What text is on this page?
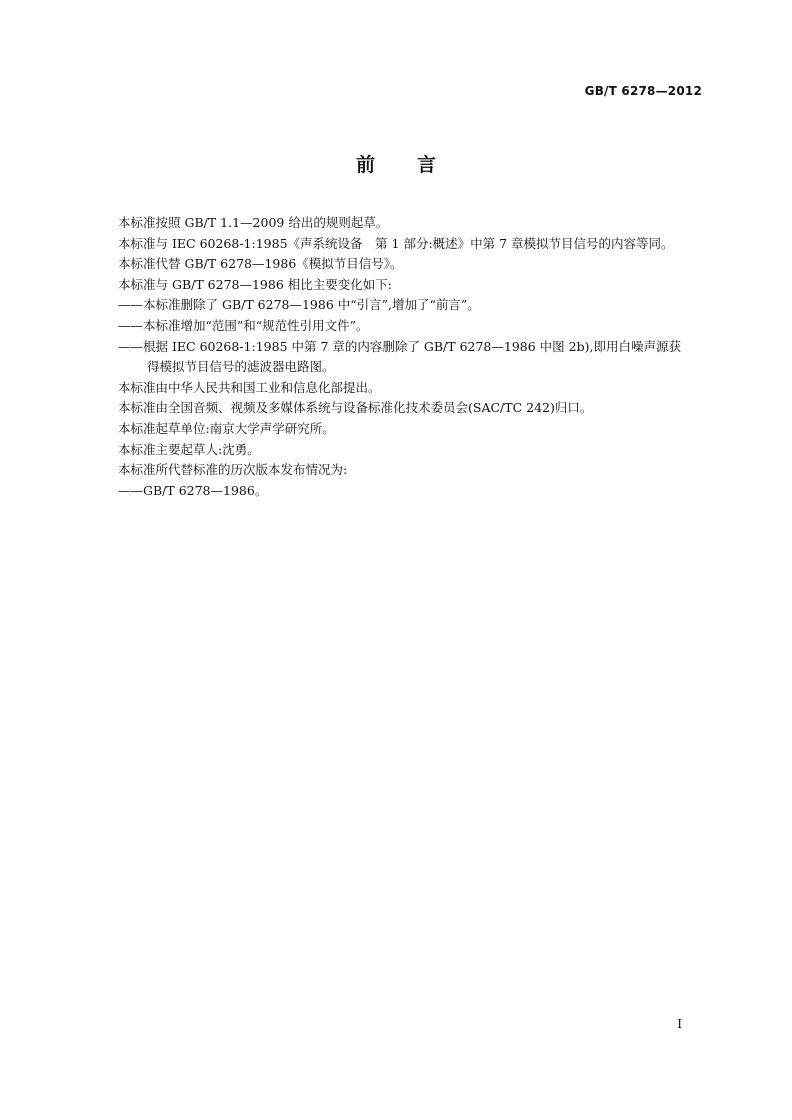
GB/T 6278—2012
前言
本标准按照 GB/T 1.1—2009 给出的规则起草。
本标准与 IEC 60268-1:1985《声系统设备　第 1 部分:概述》中第 7 章模拟节目信号的内容等同。
本标准代替 GB/T 6278—1986《模拟节目信号》。
本标准与 GB/T 6278—1986 相比主要变化如下:
——本标准删除了 GB/T 6278—1986 中“引言”,增加了“前言”。
——本标准增加“范围”和“规范性引用文件”。
——根据 IEC 60268-1:1985 中第 7 章的内容删除了 GB/T 6278—1986 中图 2b),即用白噪声源获
得模拟节目信号的滤波器电路图。
本标准由中华人民共和国工业和信息化部提出。
本标准由全国音频、视频及多媒体系统与设备标准化技术委员会(SAC/TC 242)归口。
本标准起草单位:南京大学声学研究所。
本标准主要起草人:沈勇。
本标准所代替标准的历次版本发布情况为:
——GB/T 6278—1986。
I
